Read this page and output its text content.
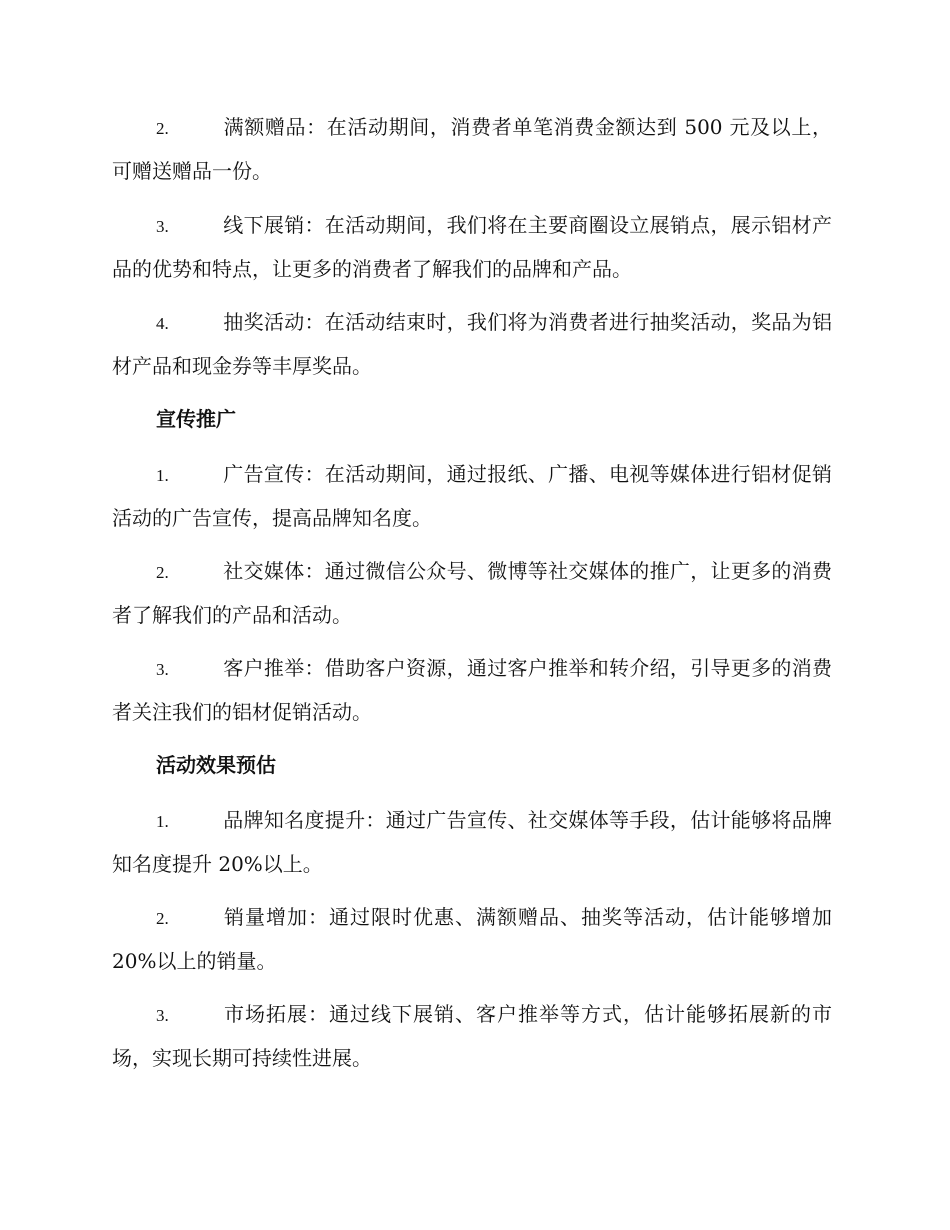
2.	满额赠品：在活动期间，消费者单笔消费金额达到 500 元及以上，可赠送赠品一份。
3.	线下展销：在活动期间，我们将在主要商圈设立展销点，展示铝材产品的优势和特点，让更多的消费者了解我们的品牌和产品。
4.	抽奖活动：在活动结束时，我们将为消费者进行抽奖活动，奖品为铝材产品和现金券等丰厚奖品。
宣传推广
1.	广告宣传：在活动期间，通过报纸、广播、电视等媒体进行铝材促销活动的广告宣传，提高品牌知名度。
2.	社交媒体：通过微信公众号、微博等社交媒体的推广，让更多的消费者了解我们的产品和活动。
3.	客户推举：借助客户资源，通过客户推举和转介绍，引导更多的消费者关注我们的铝材促销活动。
活动效果预估
1.	品牌知名度提升：通过广告宣传、社交媒体等手段，估计能够将品牌知名度提升 20%以上。
2.	销量增加：通过限时优惠、满额赠品、抽奖等活动，估计能够增加 20%以上的销量。
3.	市场拓展：通过线下展销、客户推举等方式，估计能够拓展新的市场，实现长期可持续性进展。
